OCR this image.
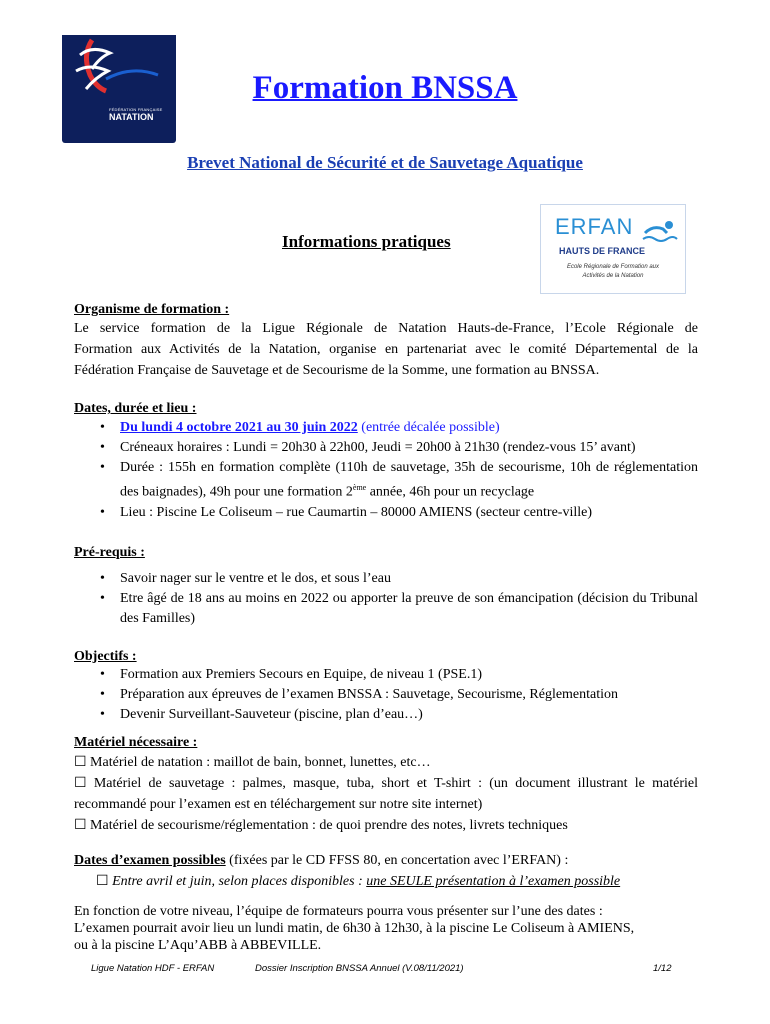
FÉDÉRATION FRANÇAISE
NATATION
LIGUE RÉGIONALE
HAUTS-DE-FRANCE
Formation BNSSA
Brevet National de Sécurité et de Sauvetage Aquatique
Informations pratiques
ERFAN
HAUTS DE FRANCE
Ecole Régionale de Formation aux
Activités de la Natation
Organisme de formation :
Le service formation de la Ligue Régionale de Natation Hauts-de-France, l’Ecole Régionale de
Formation aux Activités de la Natation, organise en partenariat avec le comité Départemental de la
Fédération Française de Sauvetage et de Secourisme de la Somme, une formation au BNSSA.
Dates, durée et lieu :
• Du lundi 4 octobre 2021 au 30 juin 2022 (entrée décalée possible)
• Créneaux horaires : Lundi = 20h30 à 22h00, Jeudi = 20h00 à 21h30 (rendez-vous 15’ avant)
• Durée : 155h en formation complète (110h de sauvetage, 35h de secourisme, 10h de réglementation des baignades), 49h pour une formation 2ème année, 46h pour un recyclage
• Lieu : Piscine Le Coliseum – rue Caumartin – 80000 AMIENS (secteur centre-ville)
Pré-requis :
• Savoir nager sur le ventre et le dos, et sous l’eau
• Etre âgé de 18 ans au moins en 2022 ou apporter la preuve de son émancipation (décision du Tribunal des Familles)
Objectifs :
• Formation aux Premiers Secours en Equipe, de niveau 1 (PSE.1)
• Préparation aux épreuves de l’examen BNSSA : Sauvetage, Secourisme, Réglementation
• Devenir Surveillant-Sauveteur (piscine, plan d’eau…)
Matériel nécessaire :
☐ Matériel de natation : maillot de bain, bonnet, lunettes, etc…
☐ Matériel de sauvetage : palmes, masque, tuba, short et T-shirt : (un document illustrant le matériel
recommandé pour l’examen est en téléchargement sur notre site internet)
☐ Matériel de secourisme/réglementation : de quoi prendre des notes, livrets techniques
Dates d’examen possibles (fixées par le CD FFSS 80, en concertation avec l’ERFAN) :
☐ Entre avril et juin, selon places disponibles : une SEULE présentation à l’examen possible
En fonction de votre niveau, l’équipe de formateurs pourra vous présenter sur l’une des dates :
L’examen pourrait avoir lieu un lundi matin, de 6h30 à 12h30, à la piscine Le Coliseum à AMIENS,
ou à la piscine L’Aqu’ABB à ABBEVILLE.
Ligue Natation HDF - ERFAN	Dossier Inscription BNSSA Annuel (V.08/11/2021)	1/12
